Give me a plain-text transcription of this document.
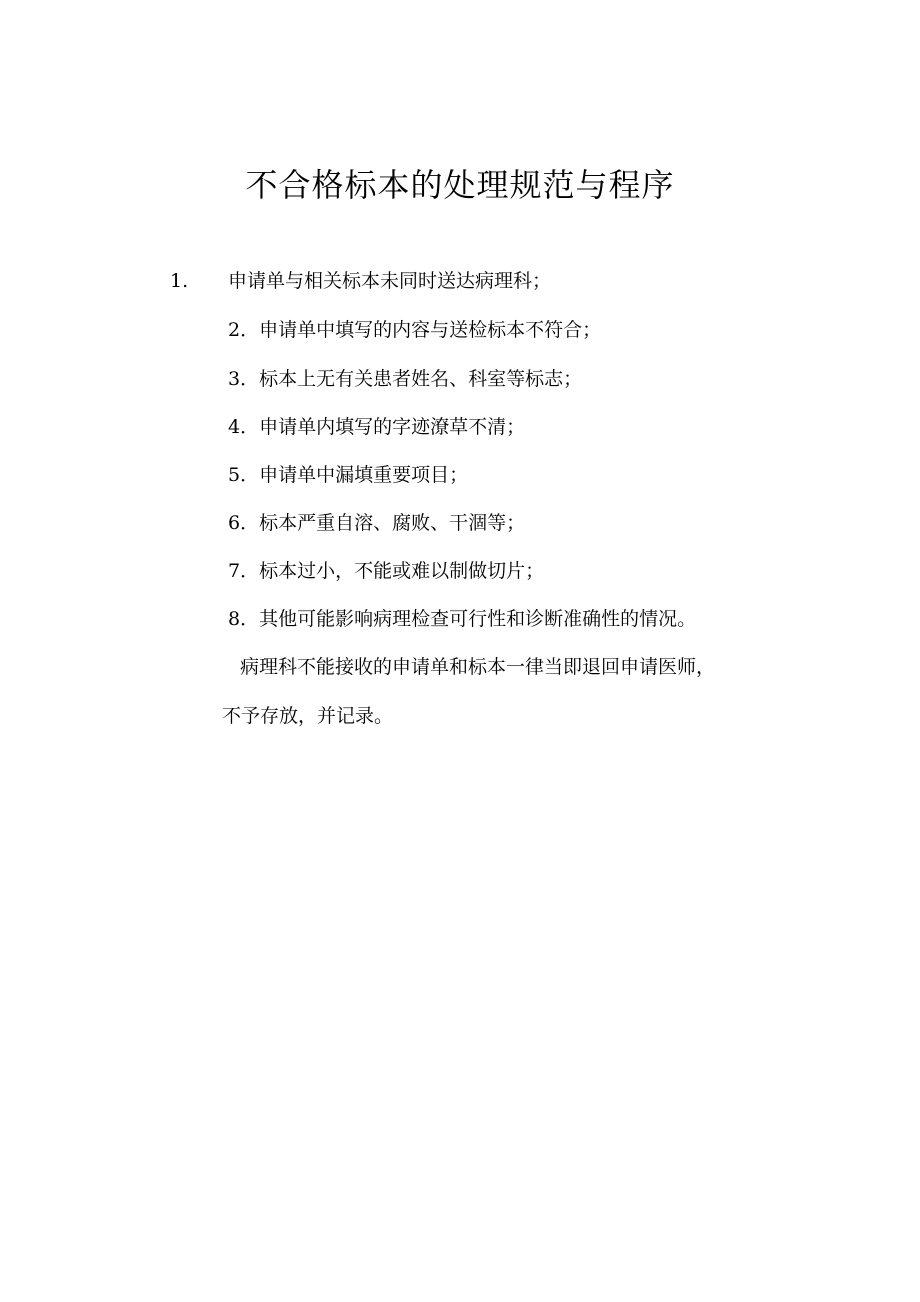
不合格标本的处理规范与程序
1. 申请单与相关标本未同时送达病理科；
2．申请单中填写的内容与送检标本不符合；
3．标本上无有关患者姓名、科室等标志；
4．申请单内填写的字迹潦草不清；
5．申请单中漏填重要项目；
6．标本严重自溶、腐败、干涸等；
7．标本过小，不能或难以制做切片；
8．其他可能影响病理检查可行性和诊断准确性的情况。
病理科不能接收的申请单和标本一律当即退回申请医师，
不予存放，并记录。
